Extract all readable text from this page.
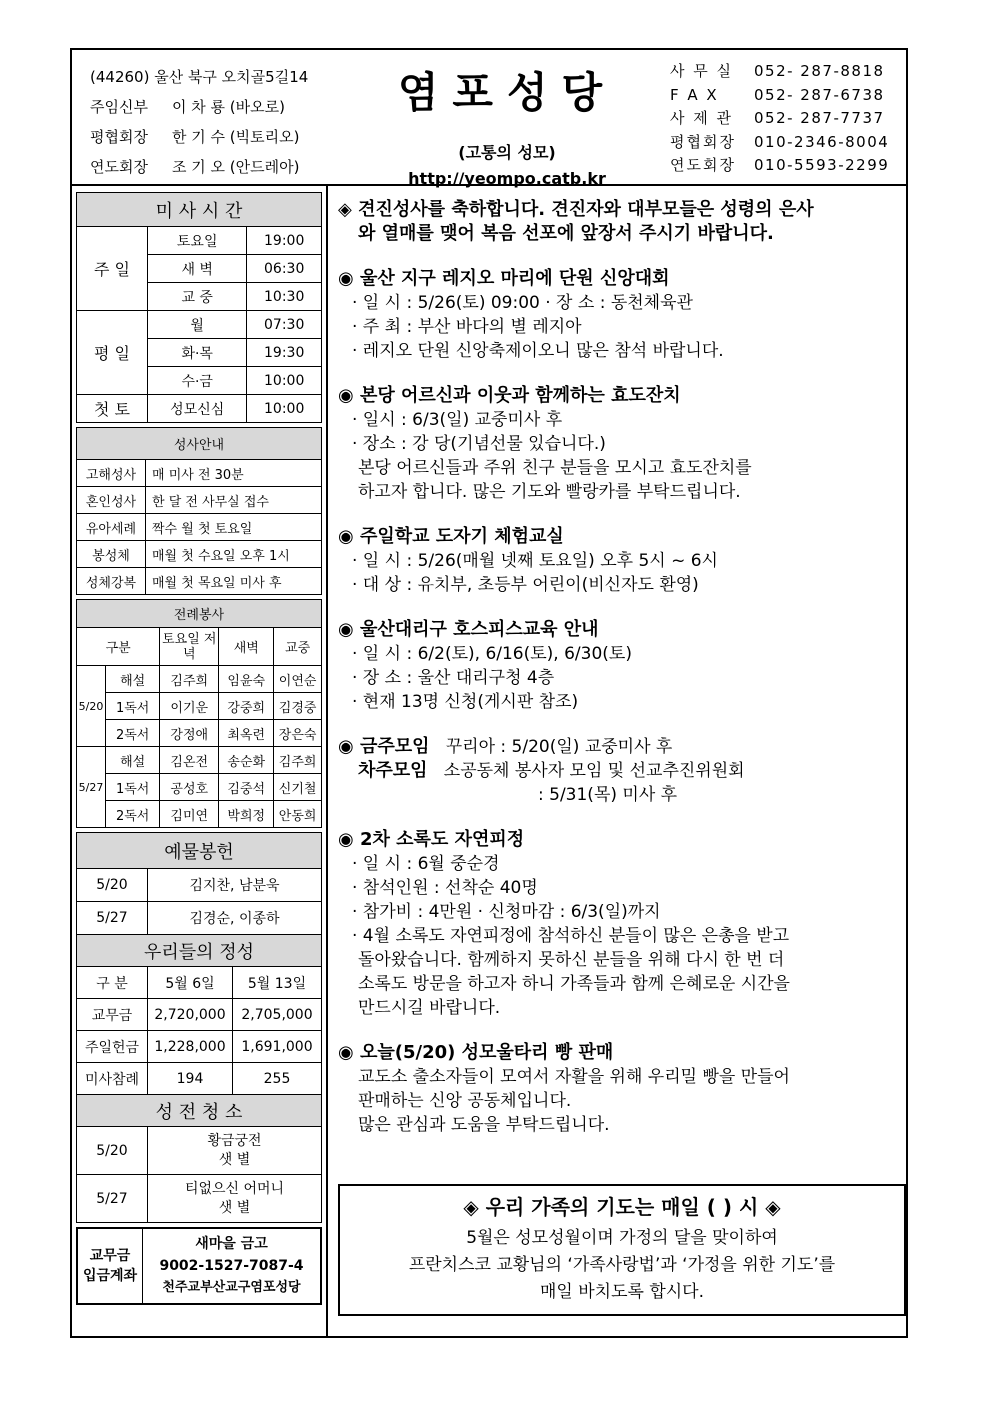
(44260) 울산 북구 오치골5길14
주임신부 이 차 룡 (바오로)
평협회장 한 기 수 (빅토리오)
연도회장 조 기 오 (안드레아)
염포성당
(고통의 성모)
http://yeompo.catb.kr
사 무 실 052- 287-8818
F A X 052- 287-6738
사 제 관 052- 287-7737
평협회장 010-2346-8004
연도회장 010-5593-2299
미 사 시 간		
주 일	토요일	19:00
	새 벽	06:30
	교 중	10:30
평 일	월	07:30
	화·목	19:30
	수·금	10:00
첫 토	성모신심	10:00
성사안내	
고해성사	매 미사 전 30분
혼인성사	한 달 전 사무실 접수
유아세례	짝수 월 첫 토요일
봉성체	매월 첫 수요일 오후 1시
성체강복	매월 첫 목요일 미사 후
전례봉사				
구분		토요일 저녁	새벽	교중
5/20	해설	김주희	임윤숙	이연순
	1독서	이기운	강중희	김경중
	2독서	강정애	최옥련	장은숙
5/27	해설	김온전	송순화	김주희
	1독서	공성호	김중석	신기철
	2독서	김미연	박희정	안동희
예물봉헌		
5/20	김지찬, 남분욱	
5/27	김경순, 이종하	
우리들의 정성		
구 분	5월 6일	5월 13일
교무금	2,720,000	2,705,000
주일헌금	1,228,000	1,691,000
미사참례	194	255
성 전 청 소		
5/20	황금궁전
샛 별	

5/27	티없으신 어머니
샛 별	
교무금
입금계좌

새마을 금고
9002-1527-7087-4
천주교부산교구염포성당
◈ 견진성사를 축하합니다. 견진자와 대부모들은 성령의 은사
와 열매를 맺어 복음 선포에 앞장서 주시기 바랍니다.
◉ 울산 지구 레지오 마리에 단원 신앙대회
· 일 시 : 5/26(토) 09:00 · 장 소 : 동천체육관
· 주 최 : 부산 바다의 별 레지아
· 레지오 단원 신앙축제이오니 많은 참석 바랍니다.
◉ 본당 어르신과 이웃과 함께하는 효도잔치
· 일시 : 6/3(일) 교중미사 후
· 장소 : 강 당(기념선물 있습니다.)
본당 어르신들과 주위 친구 분들을 모시고 효도잔치를
하고자 합니다. 많은 기도와 빨랑카를 부탁드립니다.
◉ 주일학교 도자기 체험교실
· 일 시 : 5/26(매월 넷째 토요일) 오후 5시 ~ 6시
· 대 상 : 유치부, 초등부 어린이(비신자도 환영)
◉ 울산대리구 호스피스교육 안내
· 일 시 : 6/2(토), 6/16(토), 6/30(토)
· 장 소 : 울산 대리구청 4층
· 현재 13명 신청(게시판 참조)
◉ 금주모임 꾸리아 : 5/20(일) 교중미사 후
차주모임 소공동체 봉사자 모임 및 선교추진위원회
: 5/31(목) 미사 후
◉ 2차 소록도 자연피정
· 일 시 : 6월 중순경
· 참석인원 : 선착순 40명
· 참가비 : 4만원 · 신청마감 : 6/3(일)까지
· 4월 소록도 자연피정에 참석하신 분들이 많은 은총을 받고
돌아왔습니다. 함께하지 못하신 분들을 위해 다시 한 번 더
소록도 방문을 하고자 하니 가족들과 함께 은혜로운 시간을
만드시길 바랍니다.
◉ 오늘(5/20) 성모울타리 빵 판매
교도소 출소자들이 모여서 자활을 위해 우리밀 빵을 만들어
판매하는 신앙 공동체입니다.
많은 관심과 도움을 부탁드립니다.
◈ 우리 가족의 기도는 매일 ( ) 시 ◈
5월은 성모성월이며 가정의 달을 맞이하여
프란치스코 교황님의 ‘가족사랑법’과 ‘가정을 위한 기도’를
매일 바치도록 합시다.
